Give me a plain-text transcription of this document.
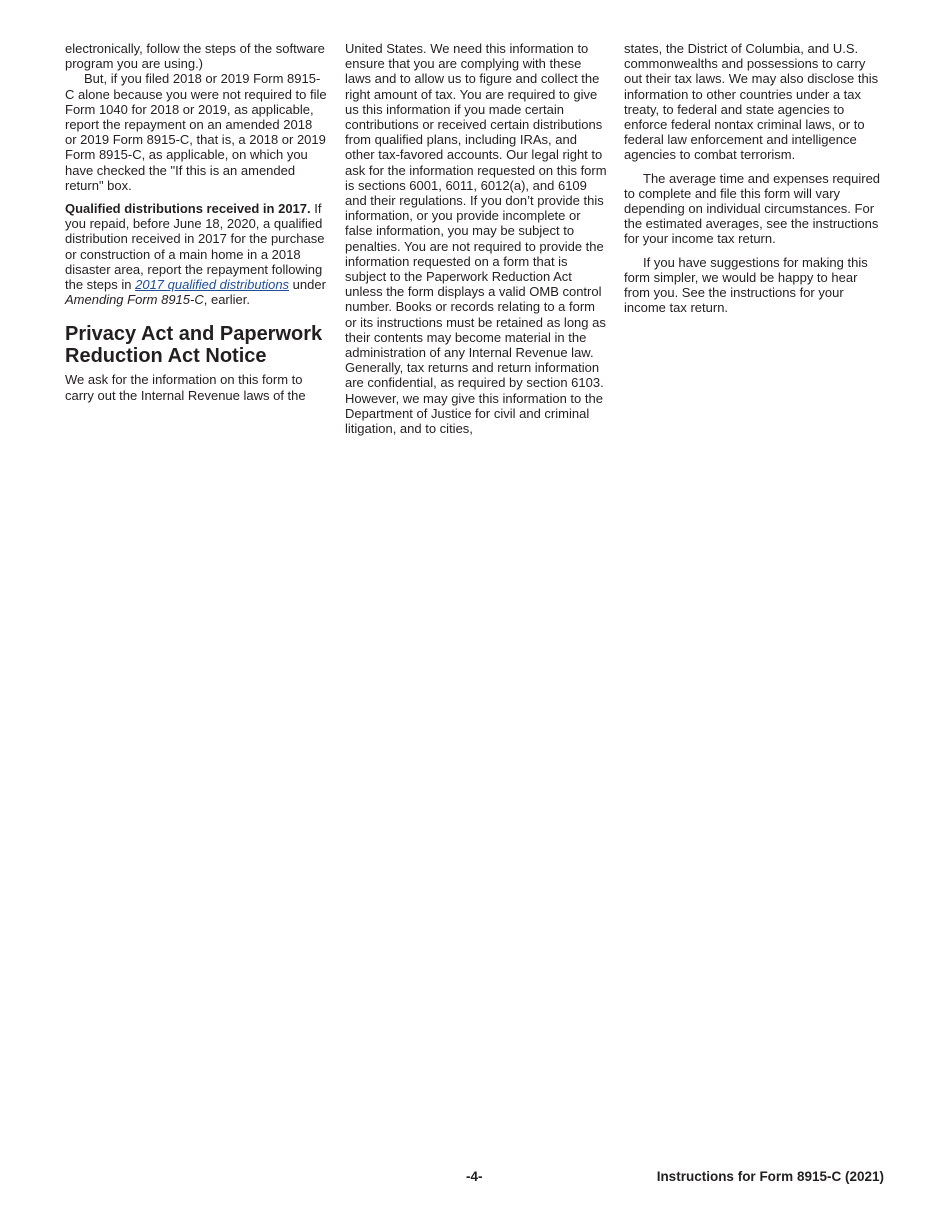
electronically, follow the steps of the software program you are using.)

But, if you filed 2018 or 2019 Form 8915-C alone because you were not required to file Form 1040 for 2018 or 2019, as applicable, report the repayment on an amended 2018 or 2019 Form 8915-C, that is, a 2018 or 2019 Form 8915-C, as applicable, on which you have checked the "If this is an amended return" box.

Qualified distributions received in 2017. If you repaid, before June 18, 2020, a qualified distribution received in 2017 for the purchase or construction of a main home in a 2018 disaster area, report the repayment following the steps in 2017 qualified distributions under Amending Form 8915-C, earlier.

Privacy Act and Paperwork Reduction Act Notice

We ask for the information on this form to carry out the Internal Revenue laws of the

United States. We need this information to ensure that you are complying with these laws and to allow us to figure and collect the right amount of tax. You are required to give us this information if you made certain contributions or received certain distributions from qualified plans, including IRAs, and other tax-favored accounts. Our legal right to ask for the information requested on this form is sections 6001, 6011, 6012(a), and 6109 and their regulations. If you don’t provide this information, or you provide incomplete or false information, you may be subject to penalties. You are not required to provide the information requested on a form that is subject to the Paperwork Reduction Act unless the form displays a valid OMB control number. Books or records relating to a form or its instructions must be retained as long as their contents may become material in the administration of any Internal Revenue law. Generally, tax returns and return information are confidential, as required by section 6103. However, we may give this information to the Department of Justice for civil and criminal litigation, and to cities,

states, the District of Columbia, and U.S. commonwealths and possessions to carry out their tax laws. We may also disclose this information to other countries under a tax treaty, to federal and state agencies to enforce federal nontax criminal laws, or to federal law enforcement and intelligence agencies to combat terrorism.

The average time and expenses required to complete and file this form will vary depending on individual circumstances. For the estimated averages, see the instructions for your income tax return.

If you have suggestions for making this form simpler, we would be happy to hear from you. See the instructions for your income tax return.

-4-	Instructions for Form 8915-C (2021)
